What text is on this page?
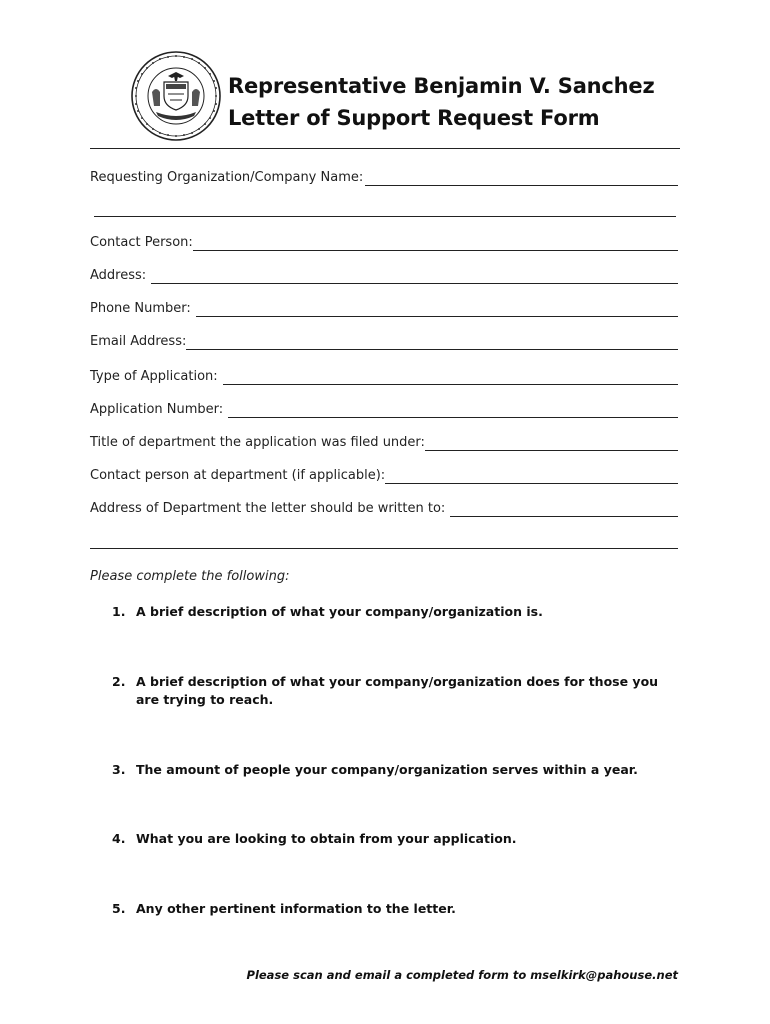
Representative Benjamin V. Sanchez
Letter of Support Request Form
Requesting Organization/Company Name:
Contact Person:
Address:
Phone Number:
Email Address:
Type of Application:
Application Number:
Title of department the application was filed under:
Contact person at department (if applicable):
Address of Department the letter should be written to:
Please complete the following:
1. A brief description of what your company/organization is.
2. A brief description of what your company/organization does for those you are trying to reach.
3. The amount of people your company/organization serves within a year.
4. What you are looking to obtain from your application.
5. Any other pertinent information to the letter.
Please scan and email a completed form to mselkirk@pahouse.net
